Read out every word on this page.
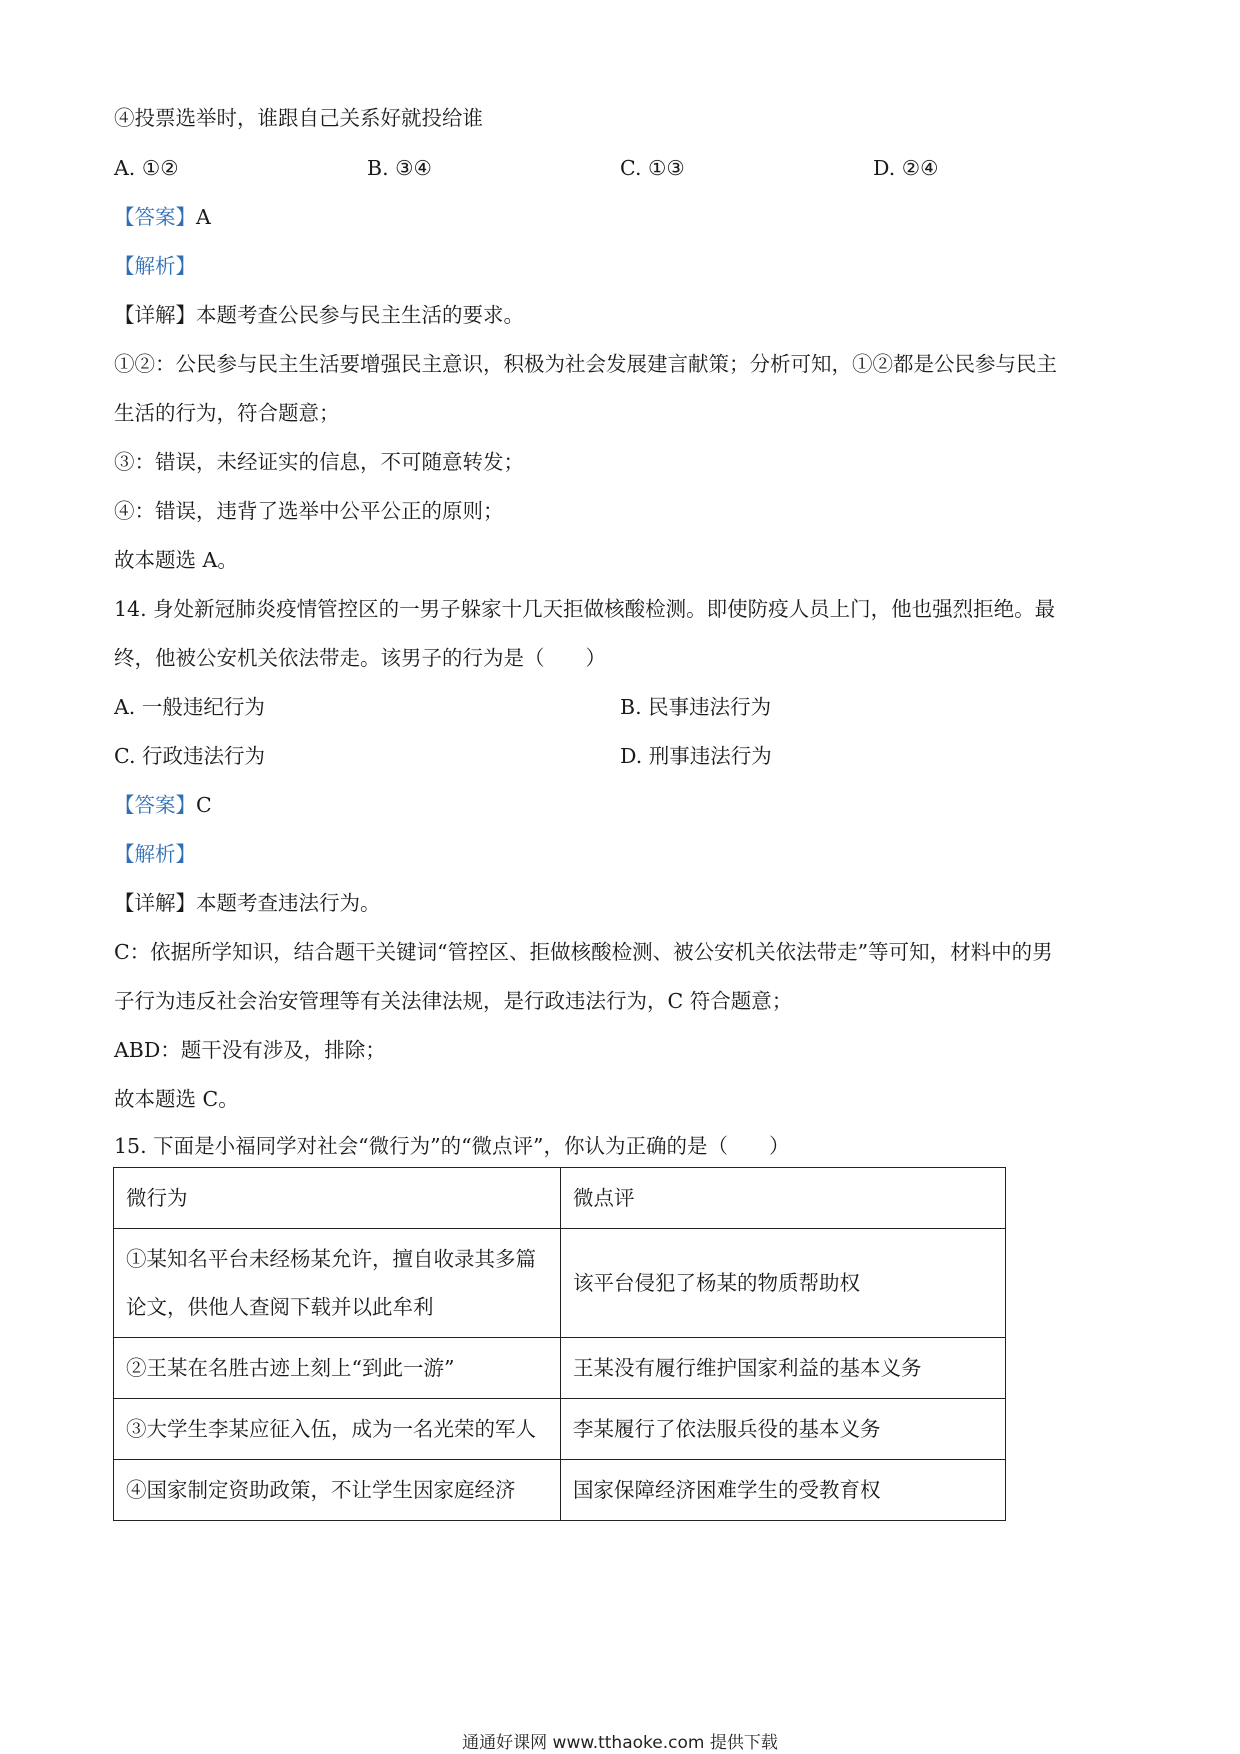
④投票选举时，谁跟自己关系好就投给谁
A. ①②	B. ③④	C. ①③	D. ②④
【答案】A
【解析】
【详解】本题考查公民参与民主生活的要求。
①②：公民参与民主生活要增强民主意识，积极为社会发展建言献策；分析可知，①②都是公民参与民主
生活的行为，符合题意；
③：错误，未经证实的信息，不可随意转发；
④：错误，违背了选举中公平公正的原则；
故本题选 A。
14. 身处新冠肺炎疫情管控区的一男子躲家十几天拒做核酸检测。即使防疫人员上门，他也强烈拒绝。最
终，他被公安机关依法带走。该男子的行为是（　　）
A. 一般违纪行为	B. 民事违法行为
C. 行政违法行为	D. 刑事违法行为
【答案】C
【解析】
【详解】本题考查违法行为。
C：依据所学知识，结合题干关键词“管控区、拒做核酸检测、被公安机关依法带走”等可知，材料中的男
子行为违反社会治安管理等有关法律法规，是行政违法行为，C 符合题意；
ABD：题干没有涉及，排除；
故本题选 C。
15. 下面是小福同学对社会“微行为”的“微点评”，你认为正确的是（　　）
微行为	微点评
①某知名平台未经杨某允许，擅自收录其多篇论文，供他人查阅下载并以此牟利	该平台侵犯了杨某的物质帮助权
②王某在名胜古迹上刻上“到此一游”	王某没有履行维护国家利益的基本义务
③大学生李某应征入伍，成为一名光荣的军人	李某履行了依法服兵役的基本义务
④国家制定资助政策，不让学生因家庭经济	国家保障经济困难学生的受教育权
通通好课网 www.tthaoke.com 提供下载
